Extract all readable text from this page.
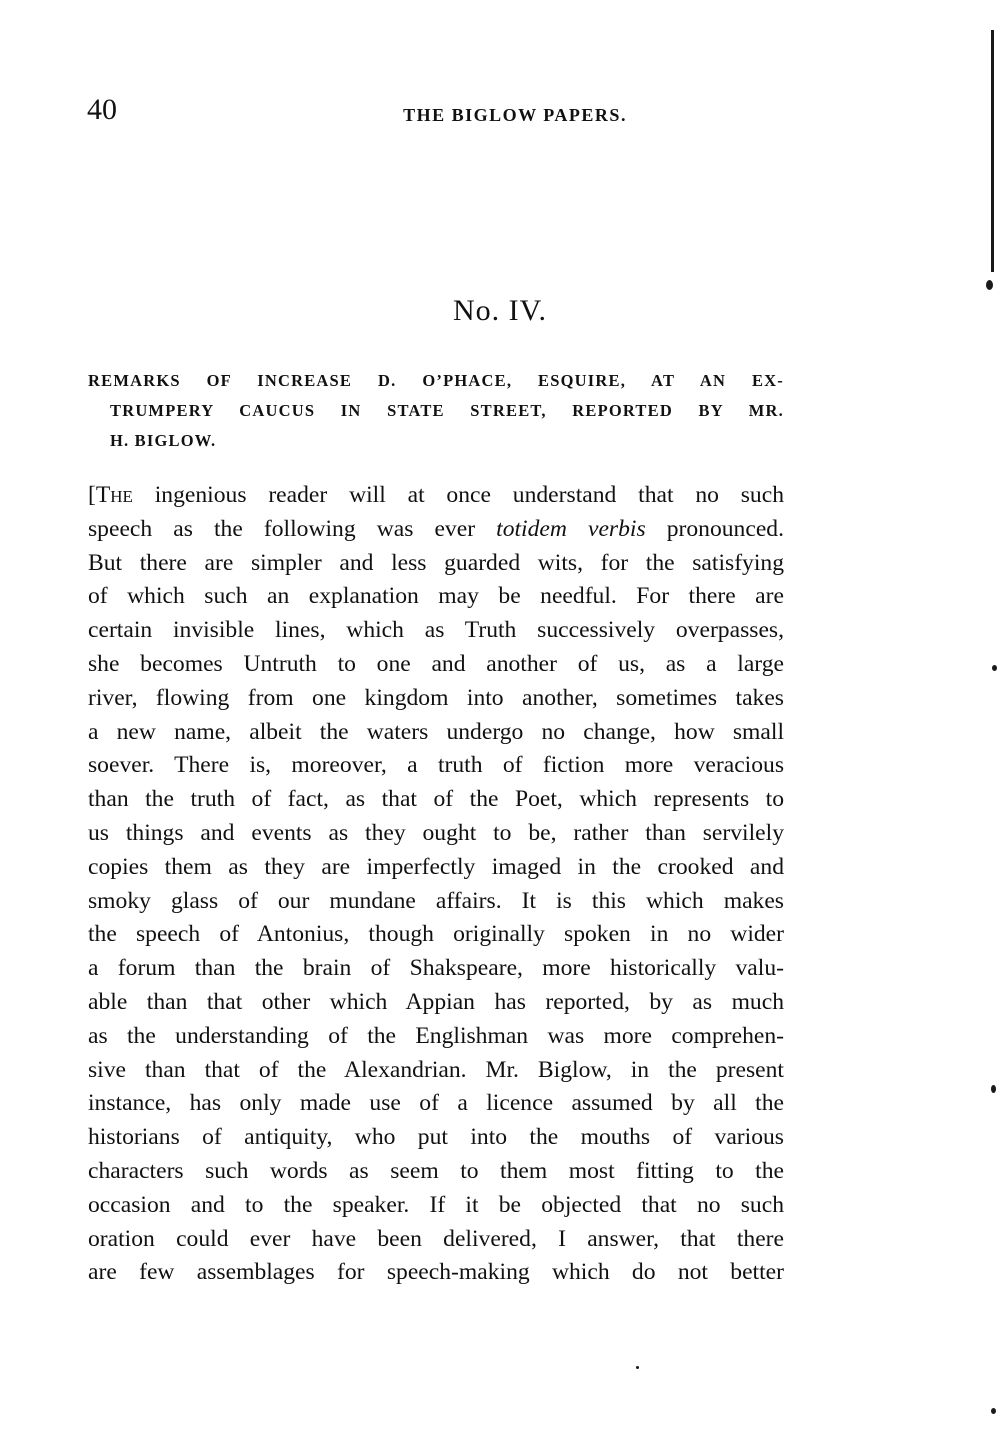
40	THE BIGLOW PAPERS.
No. IV.
REMARKS OF INCREASE D. O’PHACE, ESQUIRE, AT AN EX-
TRUMPERY CAUCUS IN STATE STREET, REPORTED BY MR.
H. BIGLOW.
[The ingenious reader will at once understand that no such
speech as the following was ever totidem verbis pronounced.
But there are simpler and less guarded wits, for the satisfying
of which such an explanation may be needful. For there are
certain invisible lines, which as Truth successively overpasses,
she becomes Untruth to one and another of us, as a large
river, flowing from one kingdom into another, sometimes takes
a new name, albeit the waters undergo no change, how small
soever. There is, moreover, a truth of fiction more veracious
than the truth of fact, as that of the Poet, which represents to
us things and events as they ought to be, rather than servilely
copies them as they are imperfectly imaged in the crooked and
smoky glass of our mundane affairs. It is this which makes
the speech of Antonius, though originally spoken in no wider
a forum than the brain of Shakspeare, more historically valu-
able than that other which Appian has reported, by as much
as the understanding of the Englishman was more comprehen-
sive than that of the Alexandrian. Mr. Biglow, in the present
instance, has only made use of a licence assumed by all the
historians of antiquity, who put into the mouths of various
characters such words as seem to them most fitting to the
occasion and to the speaker. If it be objected that no such
oration could ever have been delivered, I answer, that there
are few assemblages for speech-making which do not better
